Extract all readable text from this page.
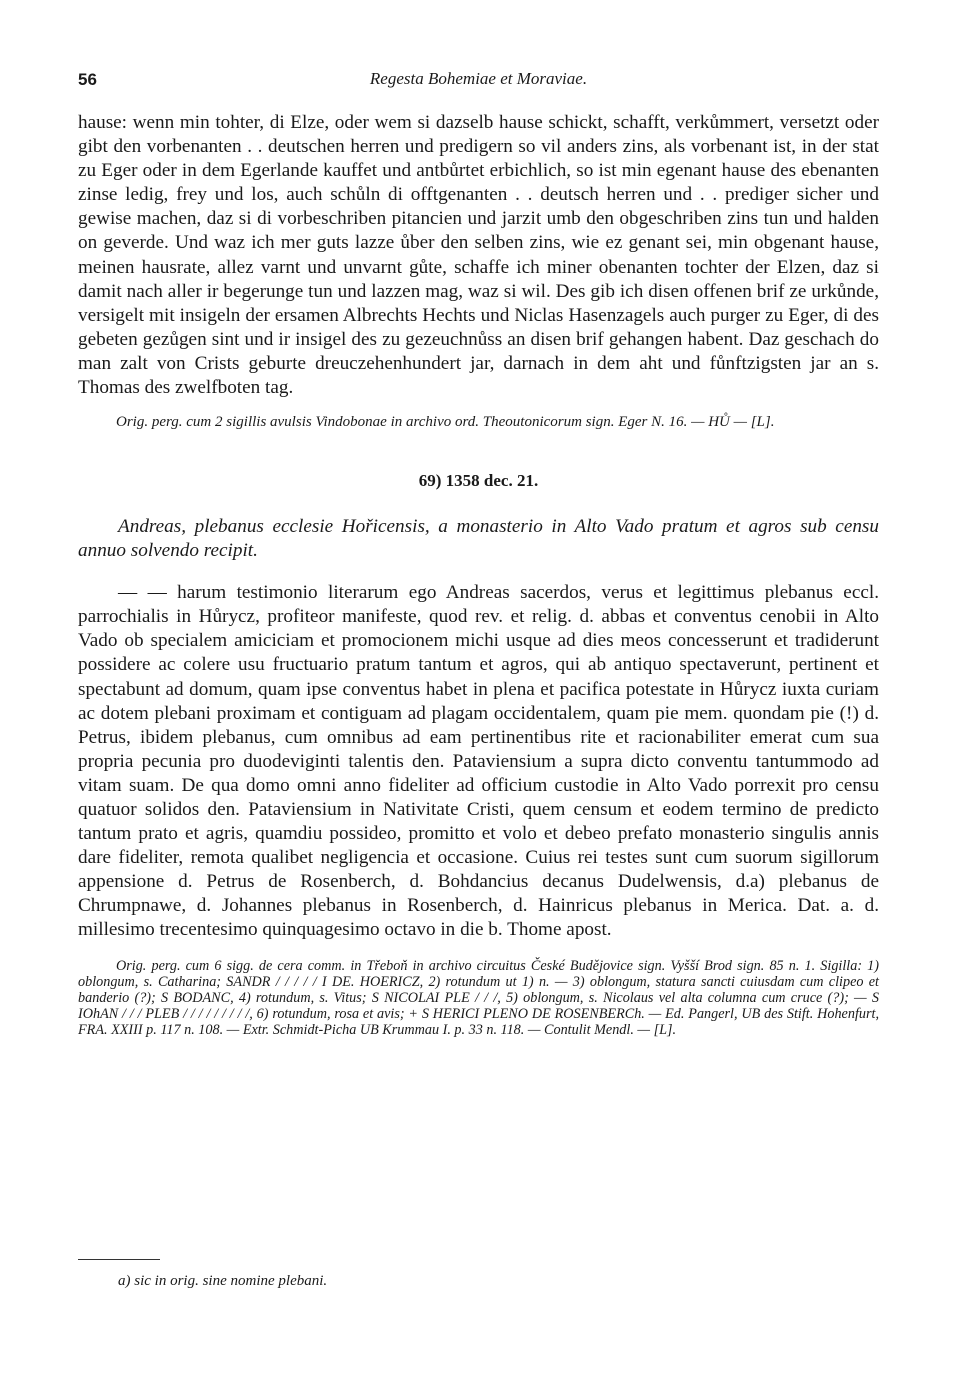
56	Regesta Bohemiae et Moraviae.

hause: wenn min tohter, di Elze, oder wem si dazselb hause schickt, schafft, verkůmmert, versetzt oder gibt den vorbenanten . . deutschen herren und predigern so vil anders zins, als vorbenant ist, in der stat zu Eger oder in dem Egerlande kauffet und antbůrtet erbichlich, so ist min egenant hause des ebenanten zinse ledig, frey und los, auch schůln di offtgenanten . . deutsch herren und . . prediger sicher und gewise machen, daz si di vorbeschriben pitancien und jarzit umb den obgeschriben zins tun und halden on geverde. Und waz ich mer guts lazze ůber den selben zins, wie ez genant sei, min obgenant hause, meinen hausrate, allez varnt und unvarnt gůte, schaffe ich miner obenanten tochter der Elzen, daz si damit nach aller ir begerunge tun und lazzen mag, waz si wil. Des gib ich disen offenen brif ze urkůnde, versigelt mit insigeln der ersamen Albrechts Hechts und Niclas Hasenzagels auch purger zu Eger, di des gebeten gezůgen sint und ir insigel des zu gezeuchnůss an disen brif gehangen habent. Daz geschach do man zalt von Crists geburte dreuczehenhundert jar, darnach in dem aht und fůnftzigsten jar an s. Thomas des zwelfboten tag.

Orig. perg. cum 2 sigillis avulsis Vindobonae in archivo ord. Theoutonicorum sign. Eger N. 16. — HŮ — [L].

69) 1358 dec. 21.

Andreas, plebanus ecclesie Hořicensis, a monasterio in Alto Vado pratum et agros sub censu annuo solvendo recipit.

— — harum testimonio literarum ego Andreas sacerdos, verus et legittimus plebanus eccl. parrochialis in Hůrycz, profiteor manifeste, quod rev. et relig. d. abbas et conventus cenobii in Alto Vado ob specialem amiciciam et promocionem michi usque ad dies meos concesserunt et tradiderunt possidere ac colere usu fructuario pratum tantum et agros, qui ab antiquo spectaverunt, pertinent et spectabunt ad domum, quam ipse conventus habet in plena et pacifica potestate in Hůrycz iuxta curiam ac dotem plebani proximam et contiguam ad plagam occidentalem, quam pie mem. quondam pie (!) d. Petrus, ibidem plebanus, cum omnibus ad eam pertinentibus rite et racionabiliter emerat cum sua propria pecunia pro duodeviginti talentis den. Pataviensium a supra dicto conventu tantummodo ad vitam suam. De qua domo omni anno fideliter ad officium custodie in Alto Vado porrexit pro censu quatuor solidos den. Pataviensium in Nativitate Cristi, quem censum et eodem termino de predicto tantum prato et agris, quamdiu possideo, promitto et volo et debeo prefato monasterio singulis annis dare fideliter, remota qualibet negligencia et occasione. Cuius rei testes sunt cum suorum sigillorum appensione d. Petrus de Rosenberch, d. Bohdancius decanus Dudelwensis, d.a) plebanus de Chrumpnawe, d. Johannes plebanus in Rosenberch, d. Hainricus plebanus in Merica. Dat. a. d. millesimo trecentesimo quinquagesimo octavo in die b. Thome apost.

Orig. perg. cum 6 sigg. de cera comm. in Třeboň in archivo circuitus České Budějovice sign. Vyšší Brod sign. 85 n. 1. Sigilla: 1) oblongum, s. Catharina; SANDR / / / / / I DE. HOERICZ, 2) rotundum ut 1) n. — 3) oblongum, statura sancti cuiusdam cum clipeo et banderio (?); S BODANC, 4) rotundum, s. Vitus; S NICOLAI PLE / / /, 5) oblongum, s. Nicolaus vel alta columna cum cruce (?); — S IOhAN / / / PLEB / / / / / / / / /, 6) rotundum, rosa et avis; + S HERICI PLENO DE ROSENBERCh. — Ed. Pangerl, UB des Stift. Hohenfurt, FRA. XXIII p. 117 n. 108. — Extr. Schmidt-Picha UB Krummau I. p. 33 n. 118. — Contulit Mendl. — [L].

a) sic in orig. sine nomine plebani.
